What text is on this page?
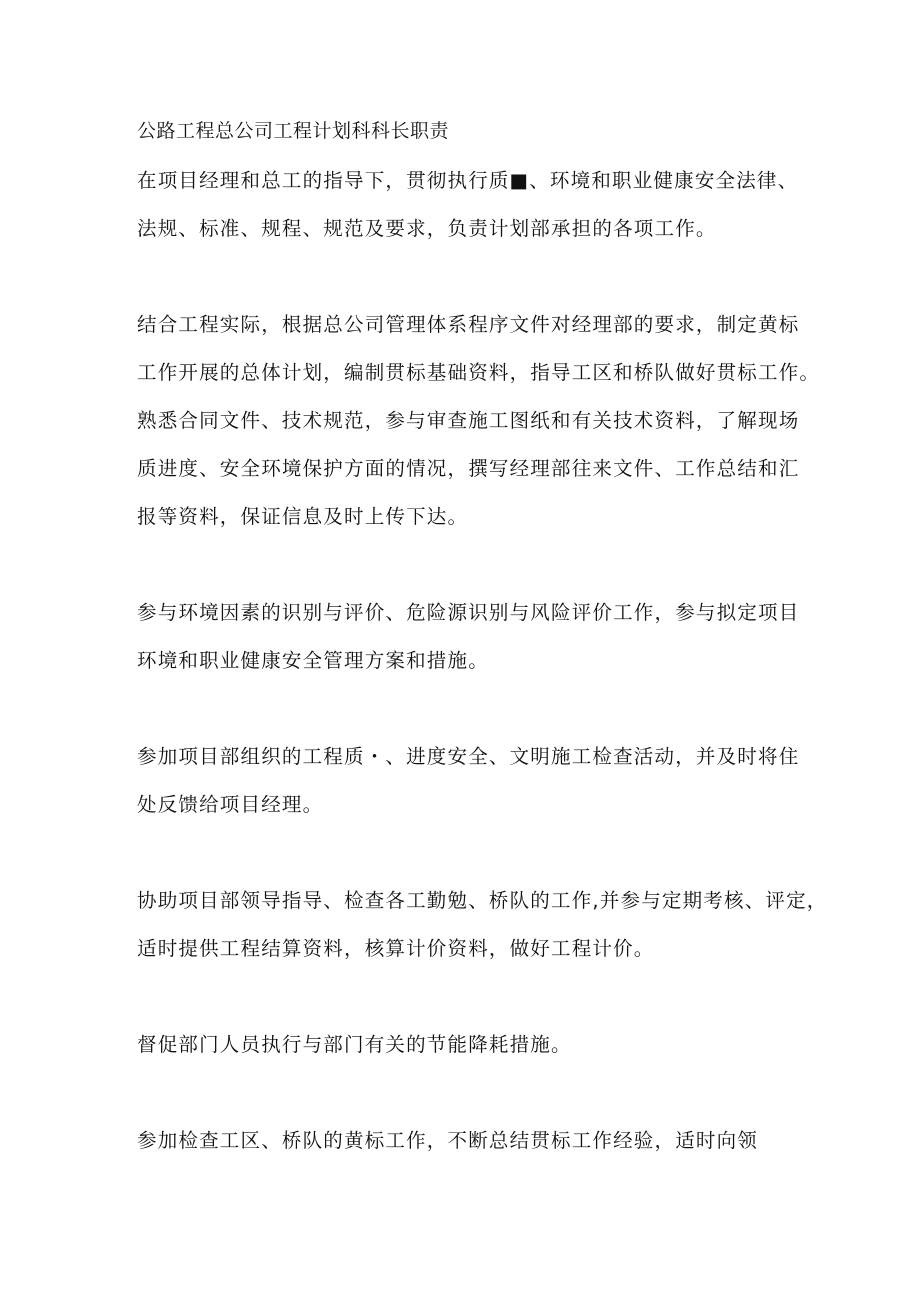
公路工程总公司工程计划科科长职责
在项目经理和总工的指导下，贯彻执行质■、环境和职业健康安全法律、
法规、标准、规程、规范及要求，负责计划部承担的各项工作。
结合工程实际，根据总公司管理体系程序文件对经理部的要求，制定黄标
工作开展的总体计划，编制贯标基础资料，指导工区和桥队做好贯标工作。
熟悉合同文件、技术规范，参与审查施工图纸和有关技术资料，了解现场
质进度、安全环境保护方面的情况，撰写经理部往来文件、工作总结和汇
报等资料，保证信息及时上传下达。
参与环境因素的识别与评价、危险源识别与风险评价工作，参与拟定项目
环境和职业健康安全管理方案和措施。
参加项目部组织的工程质・、进度安全、文明施工检查活动，并及时将住
处反馈给项目经理。
协助项目部领导指导、检查各工勤勉、桥队的工作,并参与定期考核、评定，
适时提供工程结算资料，核算计价资料，做好工程计价。
督促部门人员执行与部门有关的节能降耗措施。
参加检查工区、桥队的黄标工作，不断总结贯标工作经验，适时向领
